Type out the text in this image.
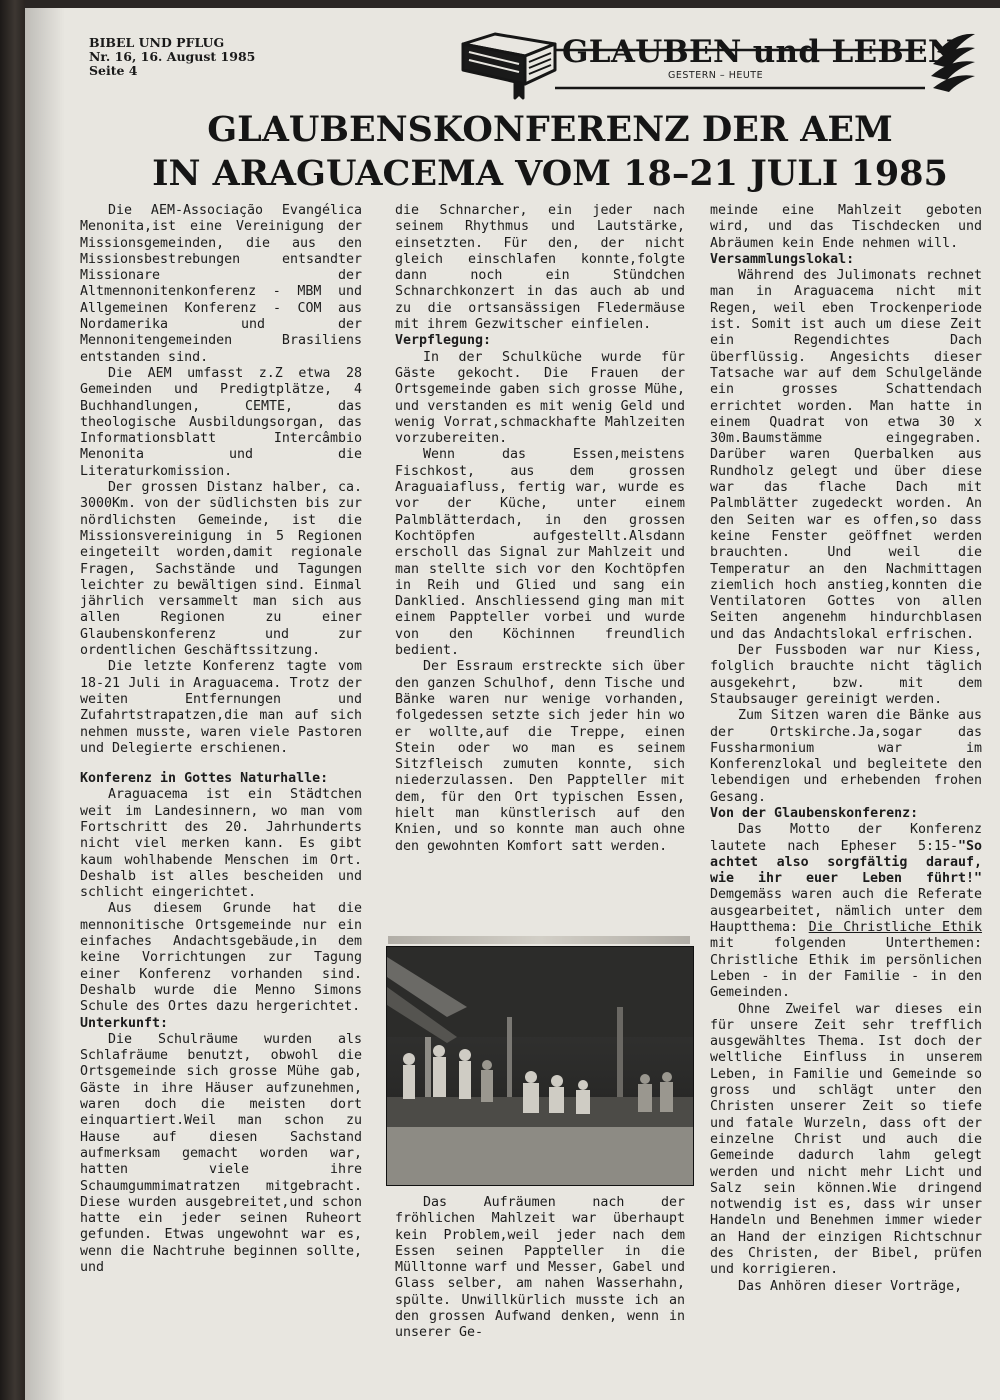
BIBEL UND PFLUG
Nr. 16, 16. August 1985
Seite 4
GLAUBEN und LEBEN
GESTERN – HEUTE
GLAUBENSKONFERENZ DER AEM
IN ARAGUACEMA VOM 18–21 JULI 1985

Die AEM-Associação Evangélica Menonita,ist eine Vereinigung der Missionsgemeinden, die aus den Missionsbestrebungen entsandter Missionare der Altmennonitenkonferenz - MBM und Allgemeinen Konferenz - COM aus Nordamerika und der Mennonitengemeinden Brasiliens entstanden sind.

Die AEM umfasst z.Z etwa 28 Gemeinden und Predigtplätze, 4 Buchhandlungen, CEMTE, das theologische Ausbildungsorgan, das Informationsblatt Intercâmbio Menonita und die Literaturkomission.

Der grossen Distanz halber, ca. 3000Km. von der südlichsten bis zur nördlichsten Gemeinde, ist die Missionsvereinigung in 5 Regionen eingeteilt worden,damit regionale Fragen, Sachstände und Tagungen leichter zu bewältigen sind. Einmal jährlich versammelt man sich aus allen Regionen zu einer Glaubenskonferenz und zur ordentlichen Geschäftssitzung.

Die letzte Konferenz tagte vom 18-21 Juli in Araguacema. Trotz der weiten Entfernungen und Zufahrtstrapatzen,die man auf sich nehmen musste, waren viele Pastoren und Delegierte erschienen.

Konferenz in Gottes Naturhalle:

Araguacema ist ein Städtchen weit im Landesinnern, wo man vom Fortschritt des 20. Jahrhunderts nicht viel merken kann. Es gibt kaum wohlhabende Menschen im Ort. Deshalb ist alles bescheiden und schlicht eingerichtet.

Aus diesem Grunde hat die mennonitische Ortsgemeinde nur ein einfaches Andachtsgebäude,in dem keine Vorrichtungen zur Tagung einer Konferenz vorhanden sind. Deshalb wurde die Menno Simons Schule des Ortes dazu hergerichtet.

Unterkunft:

Die Schulräume wurden als Schlafräume benutzt, obwohl die Ortsgemeinde sich grosse Mühe gab, Gäste in ihre Häuser aufzunehmen, waren doch die meisten dort einquartiert.Weil man schon zu Hause auf diesen Sachstand aufmerksam gemacht worden war, hatten viele ihre Schaumgummimatratzen mitgebracht. Diese wurden ausgebreitet,und schon hatte ein jeder seinen Ruheort gefunden. Etwas ungewohnt war es, wenn die Nachtruhe beginnen sollte, und

die Schnarcher, ein jeder nach seinem Rhythmus und Lautstärke, einsetzten. Für den, der nicht gleich einschlafen konnte,folgte dann noch ein Stündchen Schnarchkonzert in das auch ab und zu die ortsansässigen Fledermäuse mit ihrem Gezwitscher einfielen.

Verpflegung:

In der Schulküche wurde für Gäste gekocht. Die Frauen der Ortsgemeinde gaben sich grosse Mühe, und verstanden es mit wenig Geld und wenig Vorrat,schmackhafte Mahlzeiten vorzubereiten.

Wenn das Essen,meistens Fischkost, aus dem grossen Araguaiafluss, fertig war, wurde es vor der Küche, unter einem Palmblätterdach, in den grossen Kochtöpfen aufgestellt.Alsdann erscholl das Signal zur Mahlzeit und man stellte sich vor den Kochtöpfen in Reih und Glied und sang ein Danklied. Anschliessend ging man mit einem Pappteller vorbei und wurde von den Köchinnen freundlich bedient.

Der Essraum erstreckte sich über den ganzen Schulhof, denn Tische und Bänke waren nur wenige vorhanden, folgedessen setzte sich jeder hin wo er wollte,auf die Treppe, einen Stein oder wo man es seinem Sitzfleisch zumuten konnte, sich niederzulassen. Den Pappteller mit dem, für den Ort typischen Essen, hielt man künstlerisch auf den Knien, und so konnte man auch ohne den gewohnten Komfort satt werden.

Das Aufräumen nach der fröhlichen Mahlzeit war überhaupt kein Problem,weil jeder nach dem Essen seinen Pappteller in die Mülltonne warf und Messer, Gabel und Glass selber, am nahen Wasserhahn, spülte. Unwillkürlich musste ich an den grossen Aufwand denken, wenn in unserer Ge-

meinde eine Mahlzeit geboten wird, und das Tischdecken und Abräumen kein Ende nehmen will.

Versammlungslokal:

Während des Julimonats rechnet man in Araguacema nicht mit Regen, weil eben Trockenperiode ist. Somit ist auch um diese Zeit ein Regendichtes Dach überflüssig. Angesichts dieser Tatsache war auf dem Schulgelände ein grosses Schattendach errichtet worden. Man hatte in einem Quadrat von etwa 30 x 30m.Baumstämme eingegraben. Darüber waren Querbalken aus Rundholz gelegt und über diese war das flache Dach mit Palmblätter zugedeckt worden. An den Seiten war es offen,so dass keine Fenster geöffnet werden brauchten. Und weil die Temperatur an den Nachmittagen ziemlich hoch anstieg,konnten die Ventilatoren Gottes von allen Seiten angenehm hindurchblasen und das Andachtslokal erfrischen.

Der Fussboden war nur Kiess, folglich brauchte nicht täglich ausgekehrt, bzw. mit dem Staubsauger gereinigt werden.

Zum Sitzen waren die Bänke aus der Ortskirche.Ja,sogar das Fussharmonium war im Konferenzlokal und begleitete den lebendigen und erhebenden frohen Gesang.

Von der Glaubenskonferenz:

Das Motto der Konferenz lautete nach Epheser 5:15-"So achtet also sorgfältig darauf, wie ihr euer Leben führt!" Demgemäss waren auch die Referate ausgearbeitet, nämlich unter dem Hauptthema: Die Christliche Ethik mit folgenden Unterthemen: Christliche Ethik im persönlichen Leben - in der Familie - in den Gemeinden.

Ohne Zweifel war dieses ein für unsere Zeit sehr trefflich ausgewähltes Thema. Ist doch der weltliche Einfluss in unserem Leben, in Familie und Gemeinde so gross und schlägt unter den Christen unserer Zeit so tiefe und fatale Wurzeln, dass oft der einzelne Christ und auch die Gemeinde dadurch lahm gelegt werden und nicht mehr Licht und Salz sein können.Wie dringend notwendig ist es, dass wir unser Handeln und Benehmen immer wieder an Hand der einzigen Richtschnur des Christen, der Bibel, prüfen und korrigieren.

Das Anhören dieser Vorträge,
